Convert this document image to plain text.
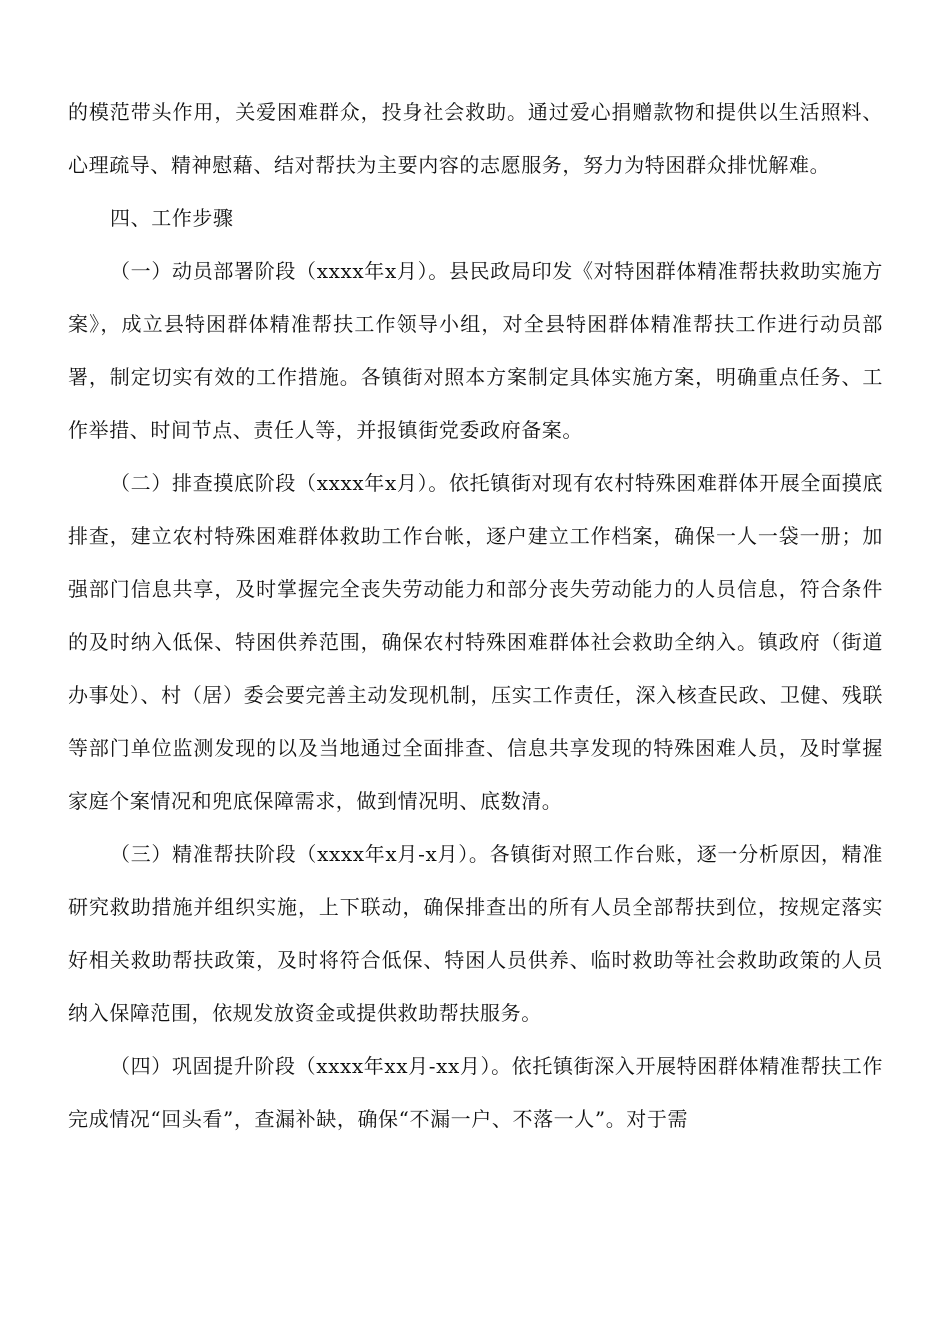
的模范带头作用，关爱困难群众，投身社会救助。通过爱心捐赠款物和提供以生活照料、心理疏导、精神慰藉、结对帮扶为主要内容的志愿服务，努力为特困群众排忧解难。

四、工作步骤

（一）动员部署阶段（xxxx年x月）。县民政局印发《对特困群体精准帮扶救助实施方案》，成立县特困群体精准帮扶工作领导小组，对全县特困群体精准帮扶工作进行动员部署，制定切实有效的工作措施。各镇街对照本方案制定具体实施方案，明确重点任务、工作举措、时间节点、责任人等，并报镇街党委政府备案。

（二）排查摸底阶段（xxxx年x月）。依托镇街对现有农村特殊困难群体开展全面摸底排查，建立农村特殊困难群体救助工作台帐，逐户建立工作档案，确保一人一袋一册；加强部门信息共享，及时掌握完全丧失劳动能力和部分丧失劳动能力的人员信息，符合条件的及时纳入低保、特困供养范围，确保农村特殊困难群体社会救助全纳入。镇政府（街道办事处）、村（居）委会要完善主动发现机制，压实工作责任，深入核查民政、卫健、残联等部门单位监测发现的以及当地通过全面排查、信息共享发现的特殊困难人员，及时掌握家庭个案情况和兜底保障需求，做到情况明、底数清。

（三）精准帮扶阶段（xxxx年x月-x月）。各镇街对照工作台账，逐一分析原因，精准研究救助措施并组织实施，上下联动，确保排查出的所有人员全部帮扶到位，按规定落实好相关救助帮扶政策，及时将符合低保、特困人员供养、临时救助等社会救助政策的人员纳入保障范围，依规发放资金或提供救助帮扶服务。

（四）巩固提升阶段（xxxx年xx月-xx月）。依托镇街深入开展特困群体精准帮扶工作完成情况“回头看”，查漏补缺，确保“不漏一户、不落一人”。对于需
